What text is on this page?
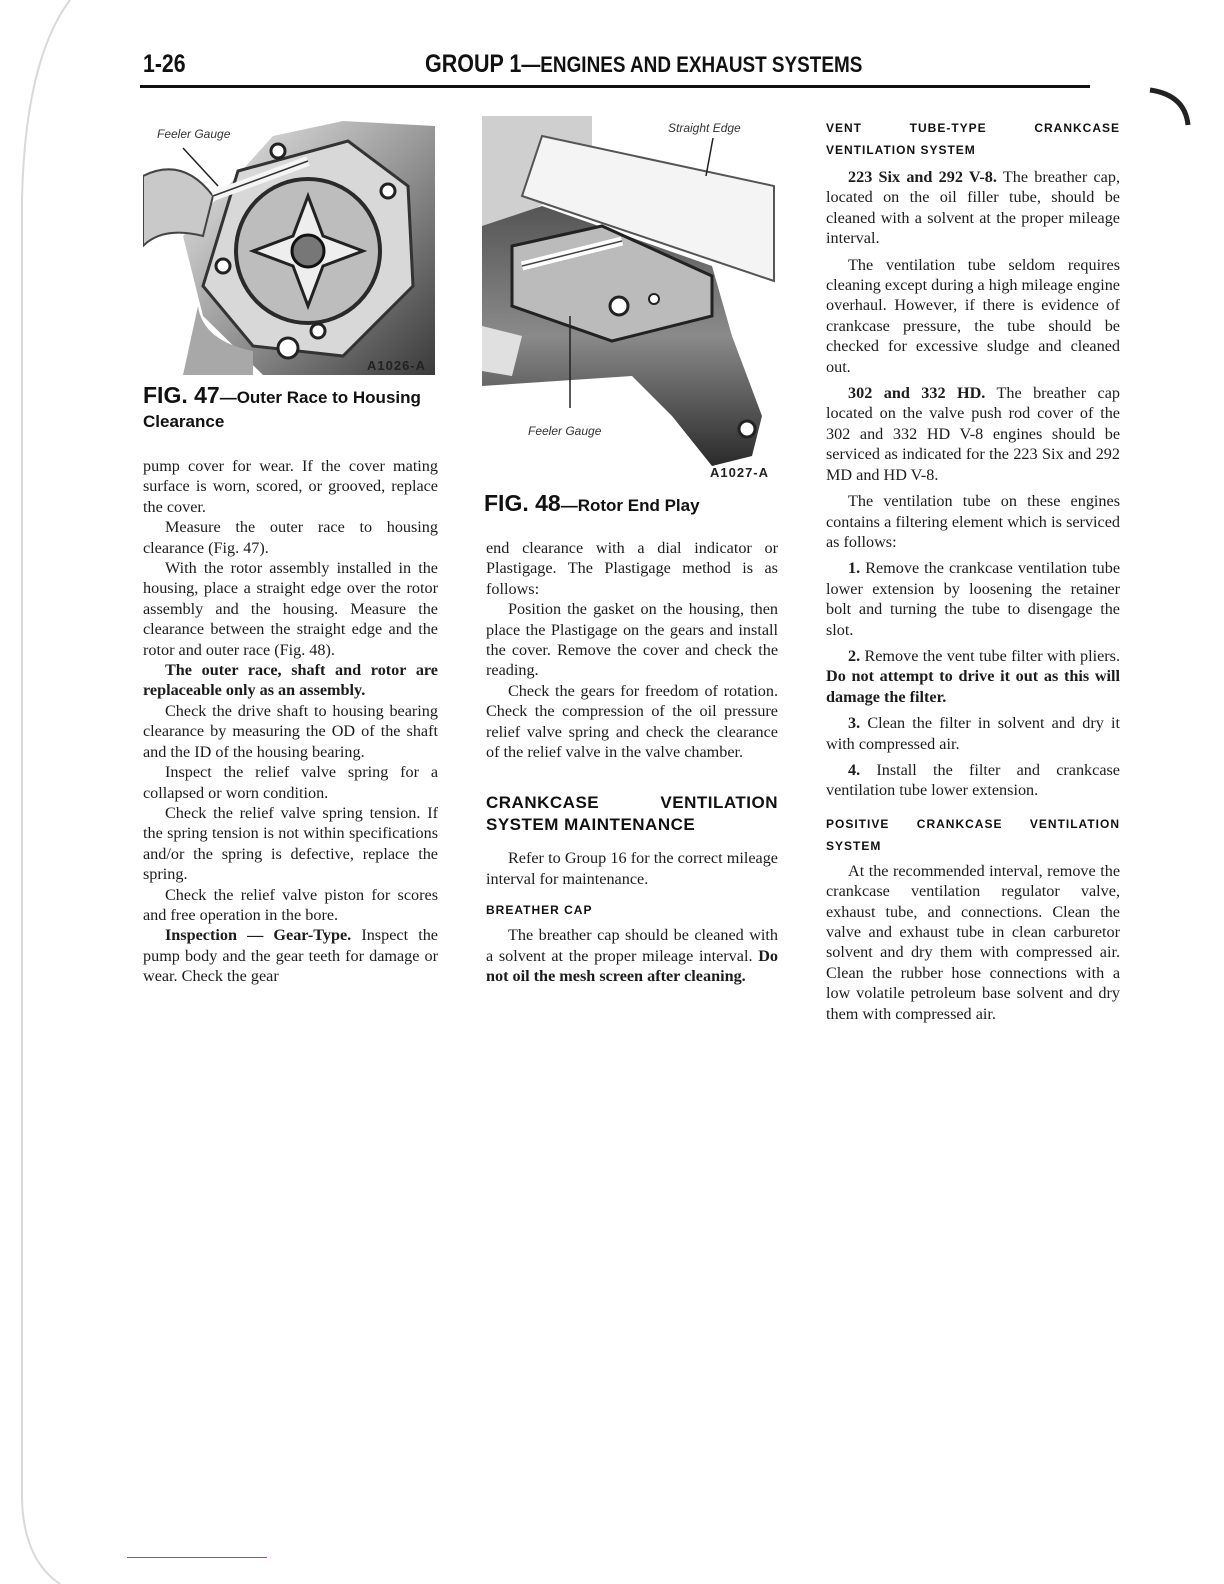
1-26	GROUP 1—ENGINES AND EXHAUST SYSTEMS
Feeler Gauge
A1026-A
FIG. 47—Outer Race to Housing Clearance
Straight Edge
Feeler Gauge
A1027-A
FIG. 48—Rotor End Play

pump cover for wear. If the cover mating surface is worn, scored, or grooved, replace the cover.

Measure the outer race to housing clearance (Fig. 47).

With the rotor assembly installed in the housing, place a straight edge over the rotor assembly and the housing. Measure the clearance between the straight edge and the rotor and outer race (Fig. 48).

The outer race, shaft and rotor are replaceable only as an assembly.

Check the drive shaft to housing bearing clearance by measuring the OD of the shaft and the ID of the housing bearing.

Inspect the relief valve spring for a collapsed or worn condition.

Check the relief valve spring tension. If the spring tension is not within specifications and/or the spring is defective, replace the spring.

Check the relief valve piston for scores and free operation in the bore.

Inspection — Gear-Type. Inspect the pump body and the gear teeth for damage or wear. Check the gear

end clearance with a dial indicator or Plastigage. The Plastigage method is as follows:

Position the gasket on the housing, then place the Plastigage on the gears and install the cover. Remove the cover and check the reading.

Check the gears for freedom of rotation. Check the compression of the oil pressure relief valve spring and check the clearance of the relief valve in the valve chamber.

CRANKCASE VENTILATION SYSTEM MAINTENANCE

Refer to Group 16 for the correct mileage interval for maintenance.

BREATHER CAP

The breather cap should be cleaned with a solvent at the proper mileage interval. Do not oil the mesh screen after cleaning.

VENT TUBE-TYPE CRANKCASE VENTILATION SYSTEM

223 Six and 292 V-8. The breather cap, located on the oil filler tube, should be cleaned with a solvent at the proper mileage interval.

The ventilation tube seldom requires cleaning except during a high mileage engine overhaul. However, if there is evidence of crankcase pressure, the tube should be checked for excessive sludge and cleaned out.

302 and 332 HD. The breather cap located on the valve push rod cover of the 302 and 332 HD V-8 engines should be serviced as indicated for the 223 Six and 292 MD and HD V-8.

The ventilation tube on these engines contains a filtering element which is serviced as follows:

1. Remove the crankcase ventilation tube lower extension by loosening the retainer bolt and turning the tube to disengage the slot.

2. Remove the vent tube filter with pliers. Do not attempt to drive it out as this will damage the filter.

3. Clean the filter in solvent and dry it with compressed air.

4. Install the filter and crankcase ventilation tube lower extension.

POSITIVE CRANKCASE VENTILATION SYSTEM

At the recommended interval, remove the crankcase ventilation regulator valve, exhaust tube, and connections. Clean the valve and exhaust tube in clean carburetor solvent and dry them with compressed air. Clean the rubber hose connections with a low volatile petroleum base solvent and dry them with compressed air.
